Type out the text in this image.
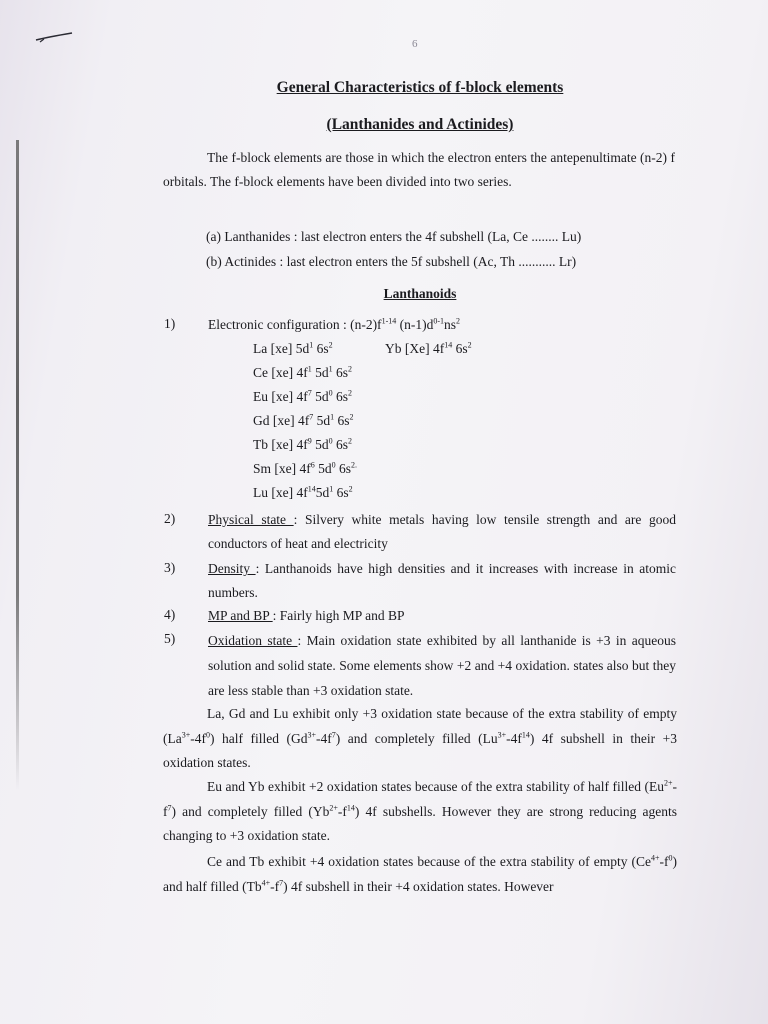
6
General Characteristics of f-block elements
(Lanthanides and Actinides)

The f-block elements are those in which the electron enters the antepenultimate (n-2) f orbitals. The f-block elements have been divided into two series.

(a) Lanthanides : last electron enters the 4f subshell (La, Ce ........ Lu)

(b) Actinides : last electron enters the 5f subshell (Ac, Th ........... Lr)

Lanthanoids

1) Electronic configuration : $(n-2)f^{1-14}$ $(n-1)d^{0-1}ns^2$

La [xe] $5d^1$ $6s^2$	Yb [Xe] $4f^{14}$ $6s^2$

Ce [xe] $4f^1$ $5d^1$ $6s^2$

Eu [xe] $4f^7$ $5d^0$ $6s^2$

Gd [xe] $4f^7$ $5d^1$ $6s^2$

Tb [xe] $4f^9$ $5d^0$ $6s^2$

Sm [xe] $4f^6$ $5d^0$ $6s^{2.}$

Lu [xe] $4f^{14}5d^1$ $6s^2$

2) Physical state : Silvery white metals having low tensile strength and are good conductors of heat and electricity

3) Density : Lanthanoids have high densities and it increases with increase in atomic numbers.

4) MP and BP : Fairly high MP and BP

5) Oxidation state : Main oxidation state exhibited by all lanthanide is +3 in aqueous solution and solid state. Some elements show +2 and +4 oxidation. states also but they are less stable than +3 oxidation state.

La, Gd and Lu exhibit only +3 oxidation state because of the extra stability of empty $(La^{3+}-4f^0)$ half filled $(Gd^{3+}-4f^7)$ and completely filled $(Lu^{3+}-4f^{14})$ 4f subshell in their +3 oxidation states.

Eu and Yb exhibit +2 oxidation states because of the extra stability of half filled $(Eu^{2+}-f^7)$ and completely filled $(Yb^{2+}-f^{14})$ 4f subshells. However they are strong reducing agents changing to +3 oxidation state.

Ce and Tb exhibit +4 oxidation states because of the extra stability of empty $(Ce^{4+}-f^0)$ and half filled $(Tb^{4+}-f^7)$ 4f subshell in their +4 oxidation states. However
